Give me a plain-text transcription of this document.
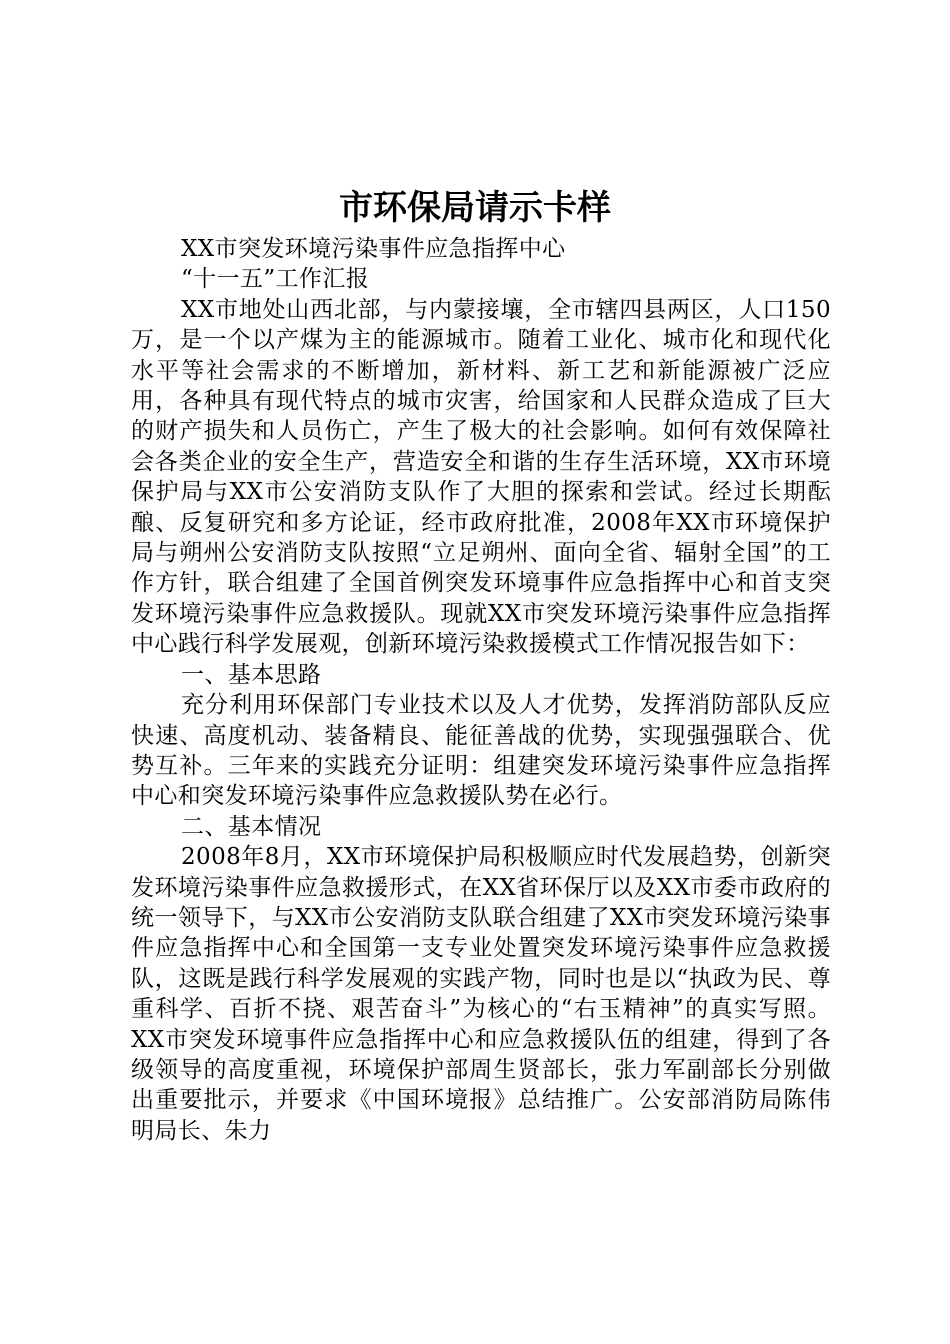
市环保局请示卡样

XX市突发环境污染事件应急指挥中心

“十一五”工作汇报

XX市地处山西北部，与内蒙接壤，全市辖四县两区，人口150万，是一个以产煤为主的能源城市。随着工业化、城市化和现代化水平等社会需求的不断增加，新材料、新工艺和新能源被广泛应用，各种具有现代特点的城市灾害，给国家和人民群众造成了巨大的财产损失和人员伤亡，产生了极大的社会影响。如何有效保障社会各类企业的安全生产，营造安全和谐的生存生活环境，XX市环境保护局与XX市公安消防支队作了大胆的探索和尝试。经过长期酝酿、反复研究和多方论证，经市政府批准，2008年XX市环境保护局与朔州公安消防支队按照“立足朔州、面向全省、辐射全国”的工作方针，联合组建了全国首例突发环境事件应急指挥中心和首支突发环境污染事件应急救援队。现就XX市突发环境污染事件应急指挥中心践行科学发展观，创新环境污染救援模式工作情况报告如下：

一、基本思路

充分利用环保部门专业技术以及人才优势，发挥消防部队反应快速、高度机动、装备精良、能征善战的优势，实现强强联合、优势互补。三年来的实践充分证明：组建突发环境污染事件应急指挥中心和突发环境污染事件应急救援队势在必行。

二、基本情况

2008年8月，XX市环境保护局积极顺应时代发展趋势，创新突发环境污染事件应急救援形式，在XX省环保厅以及XX市委市政府的统一领导下，与XX市公安消防支队联合组建了XX市突发环境污染事件应急指挥中心和全国第一支专业处置突发环境污染事件应急救援队，这既是践行科学发展观的实践产物，同时也是以“执政为民、尊重科学、百折不挠、艰苦奋斗”为核心的“右玉精神”的真实写照。XX市突发环境事件应急指挥中心和应急救援队伍的组建，得到了各级领导的高度重视，环境保护部周生贤部长，张力军副部长分别做出重要批示，并要求《中国环境报》总结推广。公安部消防局陈伟明局长、朱力
